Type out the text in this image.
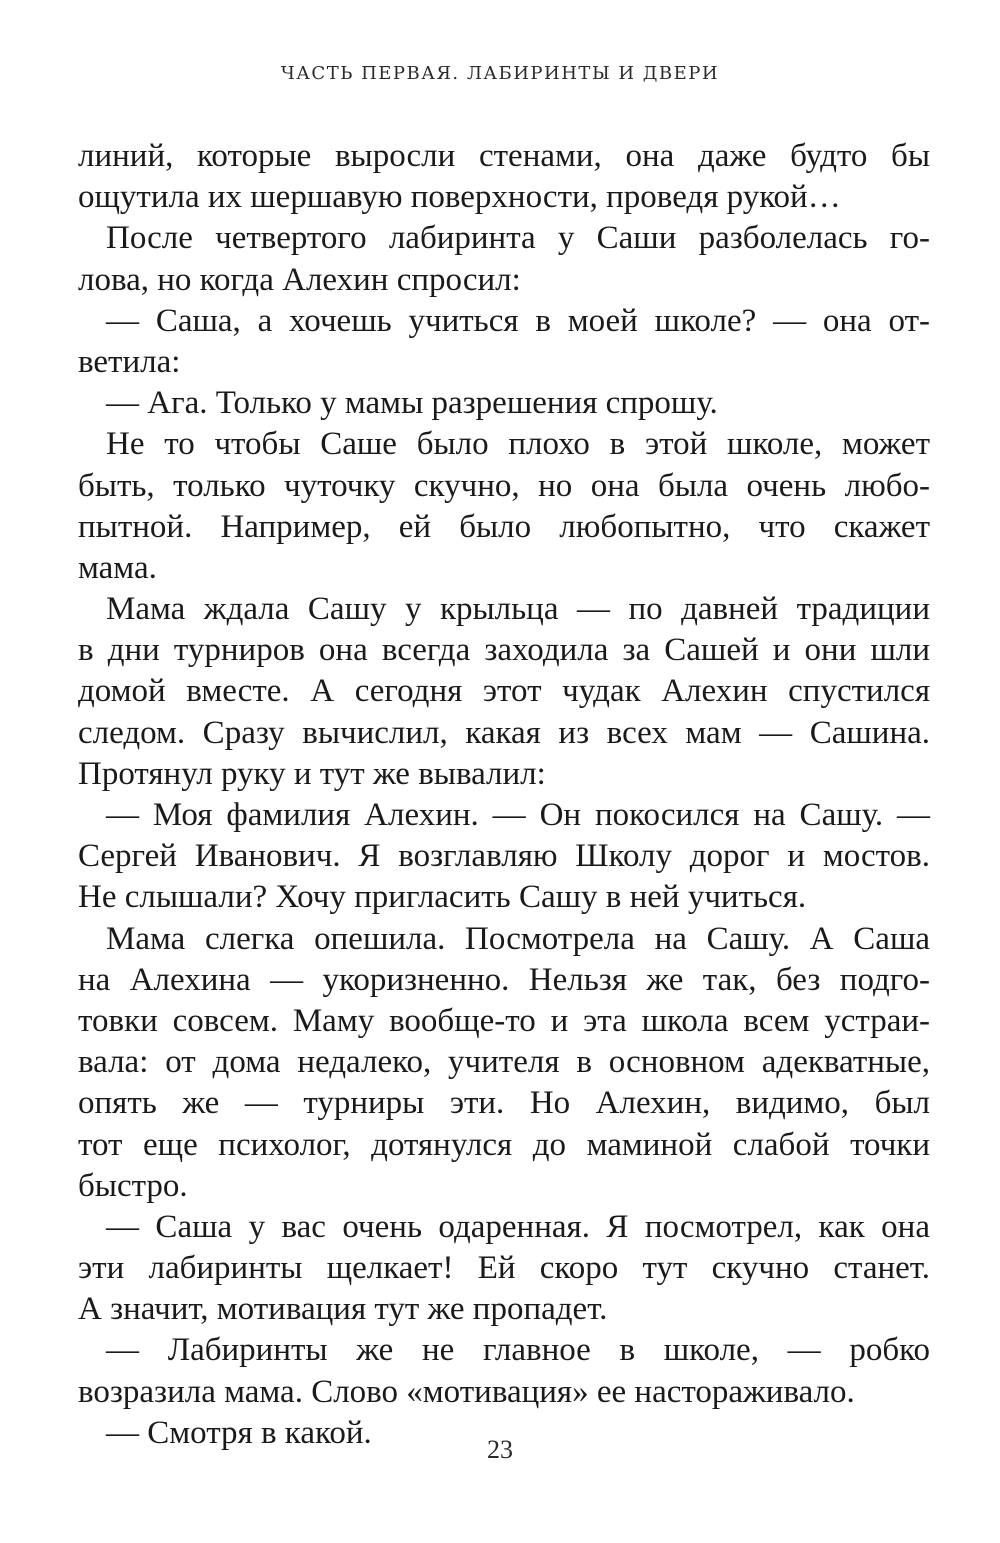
ЧАСТЬ ПЕРВАЯ. ЛАБИРИНТЫ И ДВЕРИ
линий, которые выросли стенами, она даже будто бы
ощутила их шершавую поверхности, проведя рукой…
После четвертого лабиринта у Саши разболелась го-
лова, но когда Алехин спросил:
— Саша, а хочешь учиться в моей школе? — она от-
ветила:
— Ага. Только у мамы разрешения спрошу.
Не то чтобы Саше было плохо в этой школе, может
быть, только чуточку скучно, но она была очень любо-
пытной. Например, ей было любопытно, что скажет
мама.
Мама ждала Сашу у крыльца — по давней традиции
в дни турниров она всегда заходила за Сашей и они шли
домой вместе. А сегодня этот чудак Алехин спустился
следом. Сразу вычислил, какая из всех мам — Сашина.
Протянул руку и тут же вывалил:
— Моя фамилия Алехин. — Он покосился на Сашу. —
Сергей Иванович. Я возглавляю Школу дорог и мостов.
Не слышали? Хочу пригласить Сашу в ней учиться.
Мама слегка опешила. Посмотрела на Сашу. А Саша
на Алехина — укоризненно. Нельзя же так, без подго-
товки совсем. Маму вообще-то и эта школа всем устраи-
вала: от дома недалеко, учителя в основном адекватные,
опять же — турниры эти. Но Алехин, видимо, был
тот еще психолог, дотянулся до маминой слабой точки
быстро.
— Саша у вас очень одаренная. Я посмотрел, как она
эти лабиринты щелкает! Ей скоро тут скучно станет.
А значит, мотивация тут же пропадет.
— Лабиринты же не главное в школе, — робко
возразила мама. Слово «мотивация» ее настораживало.
— Смотря в какой.	23
